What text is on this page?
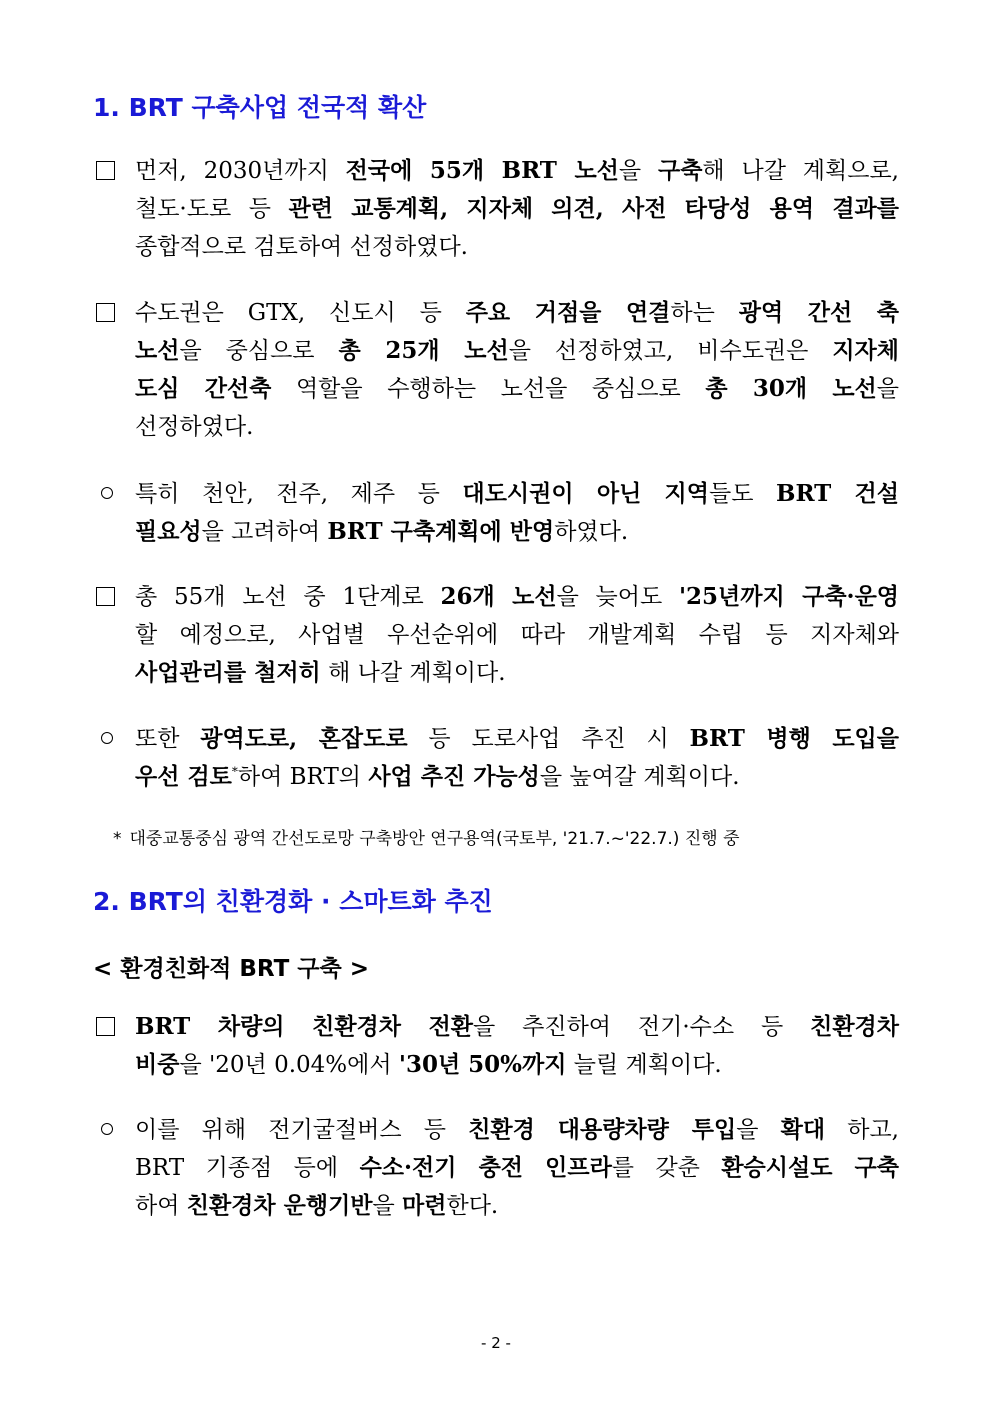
1. BRT 구축사업 전국적 확산
먼저, 2030년까지 전국에 55개 BRT 노선을 구축해 나갈 계획으로,
철도·도로 등 관련 교통계획, 지자체 의견, 사전 타당성 용역 결과를
종합적으로 검토하여 선정하였다.
수도권은 GTX, 신도시 등 주요 거점을 연결하는 광역 간선 축
노선을 중심으로 총 25개 노선을 선정하였고, 비수도권은 지자체
도심 간선축 역할을 수행하는 노선을 중심으로 총 30개 노선을
선정하였다.
특히 천안, 전주, 제주 등 대도시권이 아닌 지역들도 BRT 건설
필요성을 고려하여 BRT 구축계획에 반영하였다.
총 55개 노선 중 1단계로 26개 노선을 늦어도 '25년까지 구축·운영
할 예정으로, 사업별 우선순위에 따라 개발계획 수립 등 지자체와
사업관리를 철저히 해 나갈 계획이다.
또한 광역도로, 혼잡도로 등 도로사업 추진 시 BRT 병행 도입을
우선 검토*하여 BRT의 사업 추진 가능성을 높여갈 계획이다.
* 대중교통중심 광역 간선도로망 구축방안 연구용역(국토부, '21.7.~'22.7.) 진행 중
2. BRT의 친환경화 · 스마트화 추진
< 환경친화적 BRT 구축 >
BRT 차량의 친환경차 전환을 추진하여 전기·수소 등 친환경차
비중을 '20년 0.04%에서 '30년 50%까지 늘릴 계획이다.
이를 위해 전기굴절버스 등 친환경 대용량차량 투입을 확대 하고,
BRT 기종점 등에 수소·전기 충전 인프라를 갖춘 환승시설도 구축
하여 친환경차 운행기반을 마련한다.
- 2 -
